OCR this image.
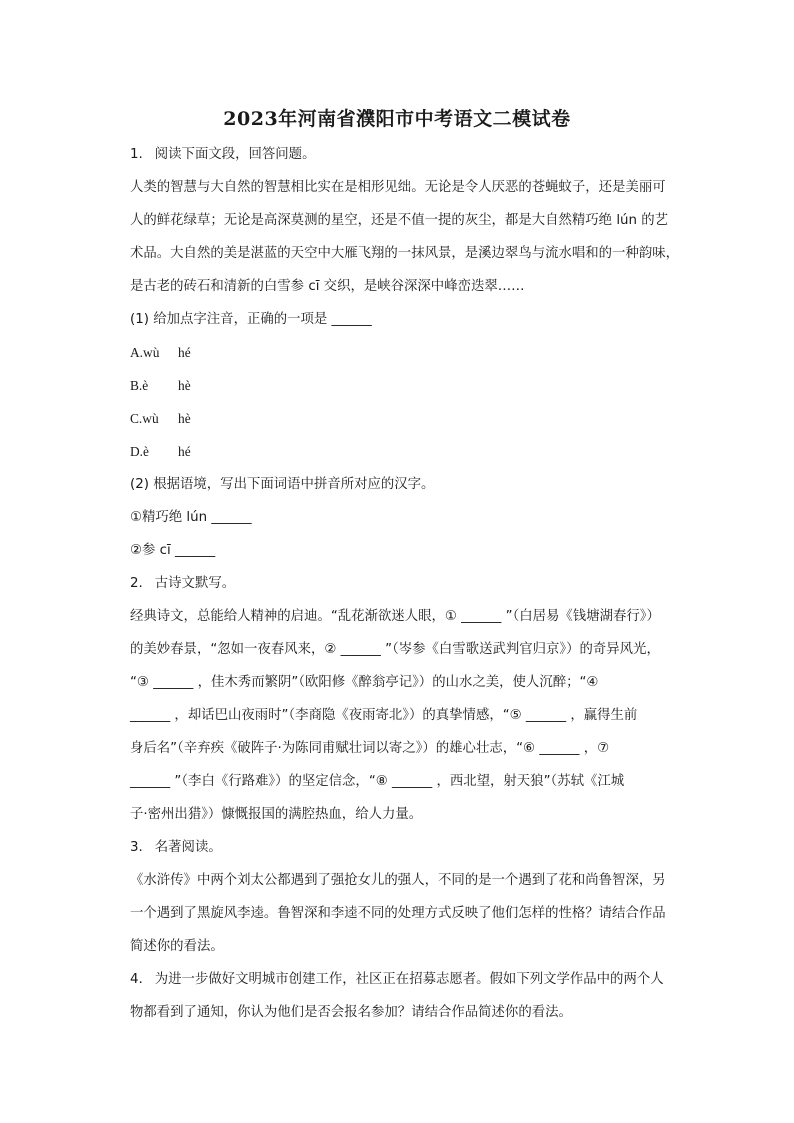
2023年河南省濮阳市中考语文二模试卷
1. 阅读下面文段，回答问题。
人类的智慧与大自然的智慧相比实在是相形见绌。无论是令人厌恶的苍蝇蚊子，还是美丽可
人的鲜花绿草；无论是高深莫测的星空，还是不值一提的灰尘，都是大自然精巧绝 lún 的艺
术品。大自然的美是湛蓝的天空中大雁飞翔的一抹风景，是溪边翠鸟与流水唱和的一种韵味，
是古老的砖石和清新的白雪参 cī 交织，是峡谷深深中峰峦迭翠……
(1) 给加点字注音，正确的一项是 ______
A.wù hé
B.è hè
C.wù hè
D.è hé
(2) 根据语境，写出下面词语中拼音所对应的汉字。
①精巧绝 lún ______
②参 cī ______
2. 古诗文默写。
经典诗文，总能给人精神的启迪。“乱花渐欲迷人眼，① ______ ”（白居易《钱塘湖春行》）
的美妙春景，“忽如一夜春风来，② ______ ”（岑参《白雪歌送武判官归京》）的奇异风光，
“③ ______ ，佳木秀而繁阴”（欧阳修《醉翁亭记》）的山水之美，使人沉醉；“④
______ ，却话巴山夜雨时”（李商隐《夜雨寄北》）的真挚情感，“⑤ ______ ，赢得生前
身后名”（辛弃疾《破阵子·为陈同甫赋壮词以寄之》）的雄心壮志，“⑥ ______ ，⑦
______ ”（李白《行路难》）的坚定信念，“⑧ ______ ，西北望，射天狼”（苏轼《江城
子·密州出猎》）慷慨报国的满腔热血，给人力量。
3. 名著阅读。
《水浒传》中两个刘太公都遇到了强抢女儿的强人，不同的是一个遇到了花和尚鲁智深，另
一个遇到了黑旋风李逵。鲁智深和李逵不同的处理方式反映了他们怎样的性格？请结合作品
简述你的看法。
4. 为进一步做好文明城市创建工作，社区正在招募志愿者。假如下列文学作品中的两个人
物都看到了通知，你认为他们是否会报名参加？请结合作品简述你的看法。
